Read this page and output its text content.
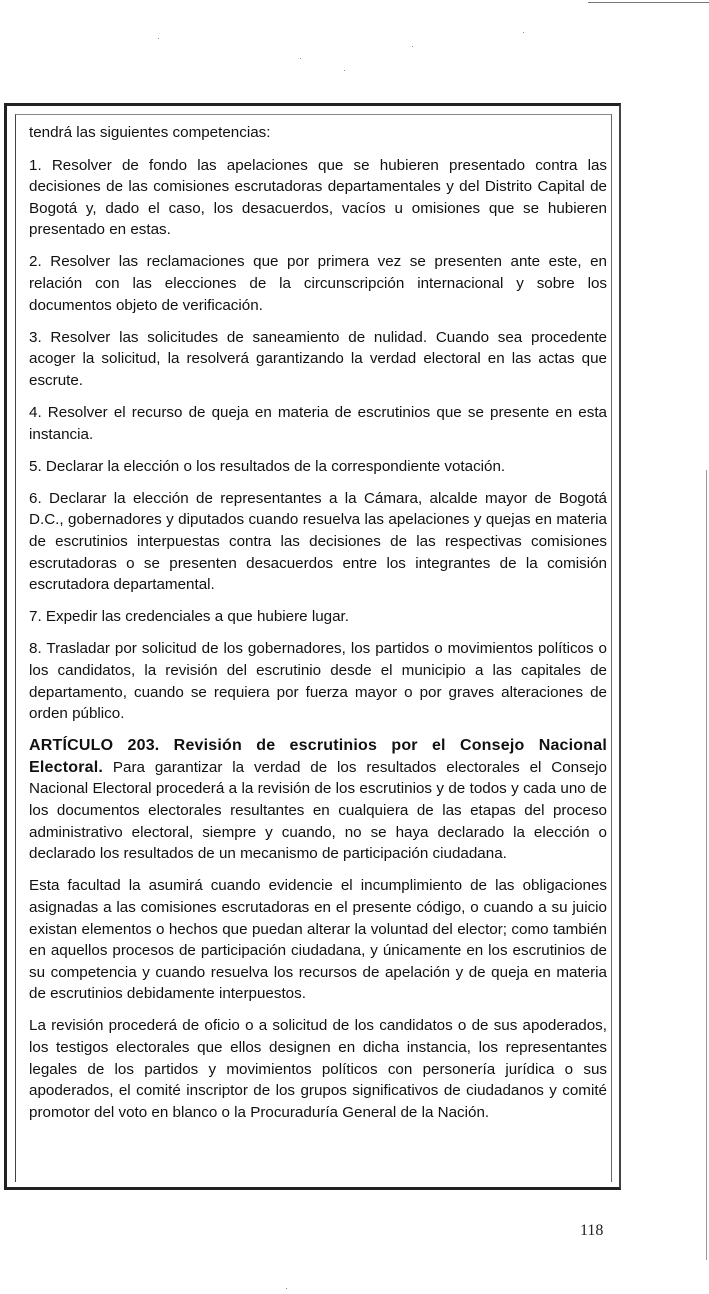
tendrá las siguientes competencias:

1. Resolver de fondo las apelaciones que se hubieren presentado contra las decisiones de las comisiones escrutadoras departamentales y del Distrito Capital de Bogotá y, dado el caso, los desacuerdos, vacíos u omisiones que se hubieren presentado en estas.

2. Resolver las reclamaciones que por primera vez se presenten ante este, en relación con las elecciones de la circunscripción internacional y sobre los documentos objeto de verificación.

3. Resolver las solicitudes de saneamiento de nulidad. Cuando sea procedente acoger la solicitud, la resolverá garantizando la verdad electoral en las actas que escrute.

4. Resolver el recurso de queja en materia de escrutinios que se presente en esta instancia.

5. Declarar la elección o los resultados de la correspondiente votación.

6. Declarar la elección de representantes a la Cámara, alcalde mayor de Bogotá D.C., gobernadores y diputados cuando resuelva las apelaciones y quejas en materia de escrutinios interpuestas contra las decisiones de las respectivas comisiones escrutadoras o se presenten desacuerdos entre los integrantes de la comisión escrutadora departamental.

7. Expedir las credenciales a que hubiere lugar.

8. Trasladar por solicitud de los gobernadores, los partidos o movimientos políticos o los candidatos, la revisión del escrutinio desde el municipio a las capitales de departamento, cuando se requiera por fuerza mayor o por graves alteraciones de orden público.

ARTÍCULO 203. Revisión de escrutinios por el Consejo Nacional Electoral. Para garantizar la verdad de los resultados electorales el Consejo Nacional Electoral procederá a la revisión de los escrutinios y de todos y cada uno de los documentos electorales resultantes en cualquiera de las etapas del proceso administrativo electoral, siempre y cuando, no se haya declarado la elección o declarado los resultados de un mecanismo de participación ciudadana.

Esta facultad la asumirá cuando evidencie el incumplimiento de las obligaciones asignadas a las comisiones escrutadoras en el presente código, o cuando a su juicio existan elementos o hechos que puedan alterar la voluntad del elector; como también en aquellos procesos de participación ciudadana, y únicamente en los escrutinios de su competencia y cuando resuelva los recursos de apelación y de queja en materia de escrutinios debidamente interpuestos.

La revisión procederá de oficio o a solicitud de los candidatos o de sus apoderados, los testigos electorales que ellos designen en dicha instancia, los representantes legales de los partidos y movimientos políticos con personería jurídica o sus apoderados, el comité inscriptor de los grupos significativos de ciudadanos y comité promotor del voto en blanco o la Procuraduría General de la Nación.

118
